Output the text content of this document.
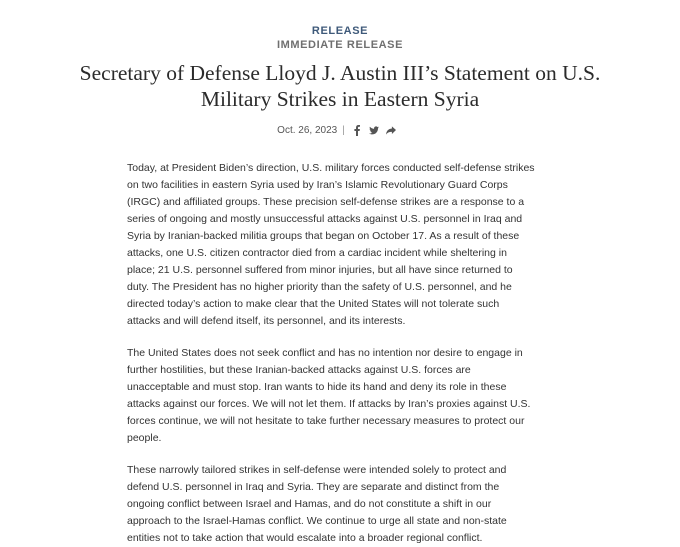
RELEASE
IMMEDIATE RELEASE
Secretary of Defense Lloyd J. Austin III’s Statement on U.S. Military Strikes in Eastern Syria
Oct. 26, 2023 |

Today, at President Biden’s direction, U.S. military forces conducted self-defense strikes on two facilities in eastern Syria used by Iran’s Islamic Revolutionary Guard Corps (IRGC) and affiliated groups. These precision self-defense strikes are a response to a series of ongoing and mostly unsuccessful attacks against U.S. personnel in Iraq and Syria by Iranian-backed militia groups that began on October 17. As a result of these attacks, one U.S. citizen contractor died from a cardiac incident while sheltering in place; 21 U.S. personnel suffered from minor injuries, but all have since returned to duty. The President has no higher priority than the safety of U.S. personnel, and he directed today’s action to make clear that the United States will not tolerate such attacks and will defend itself, its personnel, and its interests.

The United States does not seek conflict and has no intention nor desire to engage in further hostilities, but these Iranian-backed attacks against U.S. forces are unacceptable and must stop. Iran wants to hide its hand and deny its role in these attacks against our forces. We will not let them. If attacks by Iran’s proxies against U.S. forces continue, we will not hesitate to take further necessary measures to protect our people.

These narrowly tailored strikes in self-defense were intended solely to protect and defend U.S. personnel in Iraq and Syria. They are separate and distinct from the ongoing conflict between Israel and Hamas, and do not constitute a shift in our approach to the Israel-Hamas conflict. We continue to urge all state and non-state entities not to take action that would escalate into a broader regional conflict.
